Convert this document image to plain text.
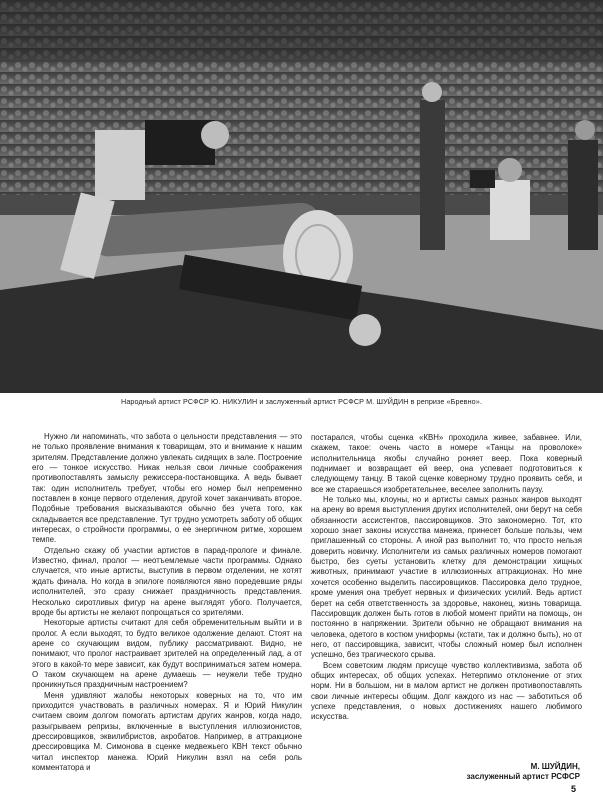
Народный артист РСФСР Ю. НИКУЛИН и заслуженный артист РСФСР М. ШУЙДИН в репризе «Бревно».

Нужно ли напоминать, что забота о цельности представления — это не только проявление внимания к товарищам, это и внимание к нашим зрителям. Представление должно увлекать сидящих в зале. Построение его — тонкое искусство. Никак нельзя свои личные соображения противопоставлять замыслу режиссера-постановщика. А ведь бывает так: один исполнитель требует, чтобы его номер был непременно поставлен в конце первого отделения, другой хочет заканчивать второе. Подобные требования высказываются обычно без учета того, как складывается все представление. Тут трудно усмотреть заботу об общих интересах, о стройности программы, о ее энергичном ритме, хорошем темпе.

Отдельно скажу об участии артистов в парад-прологе и финале. Известно, финал, пролог — неотъемлемые части программы. Однако случается, что иные артисты, выступив в первом отделении, не хотят ждать финала. Но когда в эпилоге появляются явно поредевшие ряды исполнителей, это сразу снижает праздничность представления. Несколько сиротливых фигур на арене выглядят убого. Получается, вроде бы артисты не желают попрощаться со зрителями.

Некоторые артисты считают для себя обременительным выйти и в пролог. А если выходят, то будто великое одолжение делают. Стоят на арене со скучающим видом, публику рассматривают. Видно, не понимают, что пролог настраивает зрителей на определенный лад, а от этого в какой-то мере зависит, как будут восприниматься затем номера. О таком скучающем на арене думаешь — неужели тебе трудно проникнуться праздничным настроением?

Меня удивляют жалобы некоторых коверных на то, что им приходится участвовать в различных номерах. Я и Юрий Никулин считаем своим долгом помогать артистам других жанров, когда надо, разыгрываем репризы, включенные в выступления иллюзионистов, дрессировщиков, эквилибристов, акробатов. Например, в аттракционе дрессировщика М. Симонова в сценке медвежьего КВН текст обычно читал инспектор манежа. Юрий Никулин взял на себя роль комментатора и

постарался, чтобы сценка «КВН» проходила живее, забавнее. Или, скажем, такое: очень часто в номере «Танцы на проволоке» исполнительница якобы случайно роняет веер. Пока коверный поднимает и возвращает ей веер, она успевает подготовиться к следующему танцу. В такой сценке коверному трудно проявить себя, и все же стараешься изобретательнее, веселее заполнить паузу.

Не только мы, клоуны, но и артисты самых разных жанров выходят на арену во время выступления других исполнителей, они берут на себя обязанности ассистентов, пассировщиков. Это закономерно. Тот, кто хорошо знает законы искусства манежа, принесет больше пользы, чем приглашенный со стороны. А иной раз выполнит то, что просто нельзя доверить новичку. Исполнители из самых различных номеров помогают быстро, без суеты установить клетку для демонстрации хищных животных, принимают участие в иллюзионных аттракционах. Но мне хочется особенно выделить пассировщиков. Пассировка дело трудное, кроме умения она требует нервных и физических усилий. Ведь артист берет на себя ответственность за здоровье, наконец, жизнь товарища. Пассировщик должен быть готов в любой момент прийти на помощь, он постоянно в напряжении. Зрители обычно не обращают внимания на человека, одетого в костюм униформы (кстати, так и должно быть), но от него, от пассировщика, зависит, чтобы сложный номер был исполнен успешно, без трагического срыва.

Всем советским людям присуще чувство коллективизма, забота об общих интересах, об общих успехах. Нетерпимо отклонение от этих норм. Ни в большом, ни в малом артист не должен противопоставлять свои личные интересы общим. Долг каждого из нас — заботиться об успехе представления, о новых достижениях нашего любимого искусства.

М. ШУЙДИН,
заслуженный артист РСФСР
5
